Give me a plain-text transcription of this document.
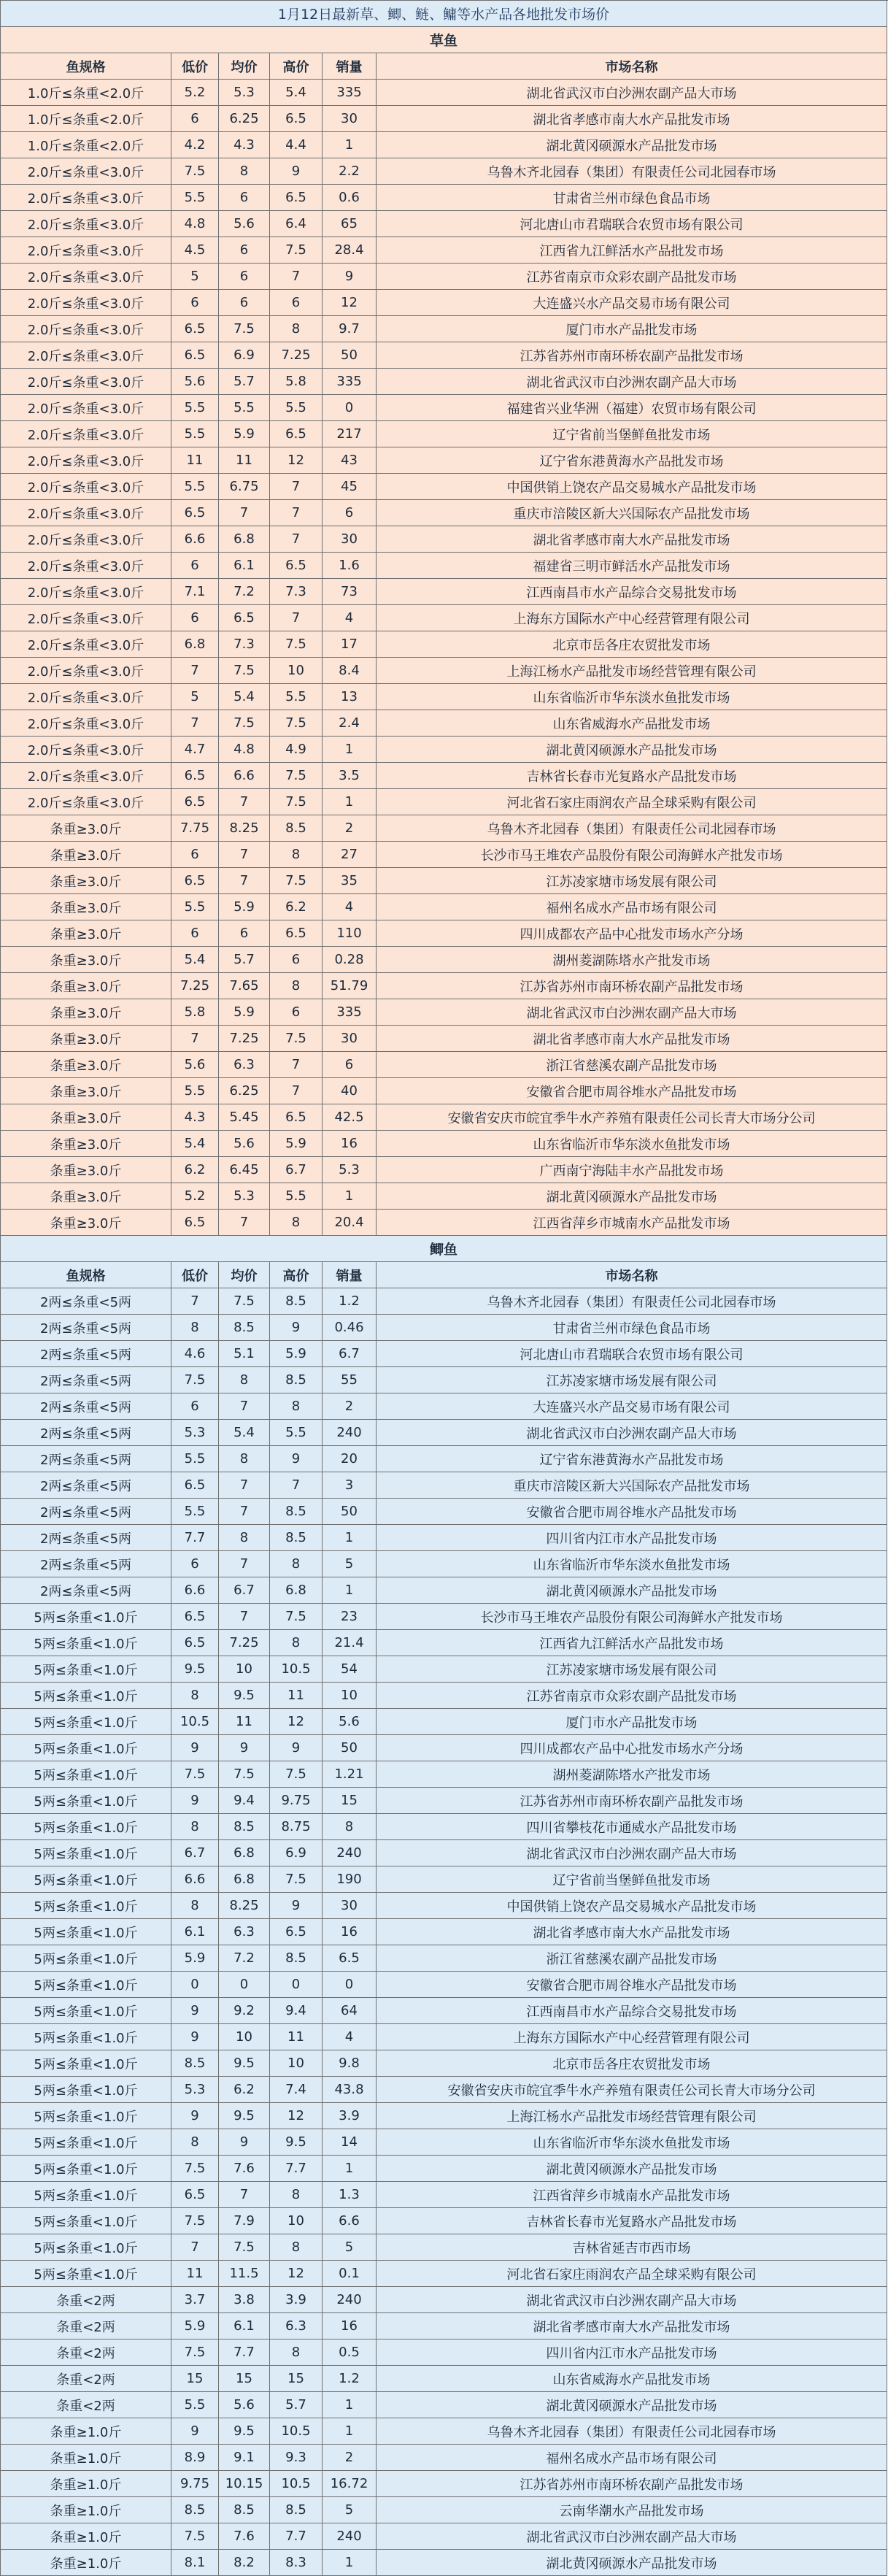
1月12日最新草、鲫、鲢、鳙等水产品各地批发市场价
草鱼
鱼规格	低价	均价	高价	销量	市场名称
1.0斤≤条重<2.0斤	5.2	5.3	5.4	335	湖北省武汉市白沙洲农副产品大市场
1.0斤≤条重<2.0斤	6	6.25	6.5	30	湖北省孝感市南大水产品批发市场
1.0斤≤条重<2.0斤	4.2	4.3	4.4	1	湖北黄冈硕源水产品批发市场
2.0斤≤条重<3.0斤	7.5	8	9	2.2	乌鲁木齐北园春（集团）有限责任公司北园春市场
2.0斤≤条重<3.0斤	5.5	6	6.5	0.6	甘肃省兰州市绿色食品市场
2.0斤≤条重<3.0斤	4.8	5.6	6.4	65	河北唐山市君瑞联合农贸市场有限公司
2.0斤≤条重<3.0斤	4.5	6	7.5	28.4	江西省九江鲜活水产品批发市场
2.0斤≤条重<3.0斤	5	6	7	9	江苏省南京市众彩农副产品批发市场
2.0斤≤条重<3.0斤	6	6	6	12	大连盛兴水产品交易市场有限公司
2.0斤≤条重<3.0斤	6.5	7.5	8	9.7	厦门市水产品批发市场
2.0斤≤条重<3.0斤	6.5	6.9	7.25	50	江苏省苏州市南环桥农副产品批发市场
2.0斤≤条重<3.0斤	5.6	5.7	5.8	335	湖北省武汉市白沙洲农副产品大市场
2.0斤≤条重<3.0斤	5.5	5.5	5.5	0	福建省兴业华洲（福建）农贸市场有限公司
2.0斤≤条重<3.0斤	5.5	5.9	6.5	217	辽宁省前当堡鲜鱼批发市场
2.0斤≤条重<3.0斤	11	11	12	43	辽宁省东港黄海水产品批发市场
2.0斤≤条重<3.0斤	5.5	6.75	7	45	中国供销上饶农产品交易城水产品批发市场
2.0斤≤条重<3.0斤	6.5	7	7	6	重庆市涪陵区新大兴国际农产品批发市场
2.0斤≤条重<3.0斤	6.6	6.8	7	30	湖北省孝感市南大水产品批发市场
2.0斤≤条重<3.0斤	6	6.1	6.5	1.6	福建省三明市鲜活水产品批发市场
2.0斤≤条重<3.0斤	7.1	7.2	7.3	73	江西南昌市水产品综合交易批发市场
2.0斤≤条重<3.0斤	6	6.5	7	4	上海东方国际水产中心经营管理有限公司
2.0斤≤条重<3.0斤	6.8	7.3	7.5	17	北京市岳各庄农贸批发市场
2.0斤≤条重<3.0斤	7	7.5	10	8.4	上海江杨水产品批发市场经营管理有限公司
2.0斤≤条重<3.0斤	5	5.4	5.5	13	山东省临沂市华东淡水鱼批发市场
2.0斤≤条重<3.0斤	7	7.5	7.5	2.4	山东省威海水产品批发市场
2.0斤≤条重<3.0斤	4.7	4.8	4.9	1	湖北黄冈硕源水产品批发市场
2.0斤≤条重<3.0斤	6.5	6.6	7.5	3.5	吉林省长春市光复路水产品批发市场
2.0斤≤条重<3.0斤	6.5	7	7.5	1	河北省石家庄雨润农产品全球采购有限公司
条重≥3.0斤	7.75	8.25	8.5	2	乌鲁木齐北园春（集团）有限责任公司北园春市场
条重≥3.0斤	6	7	8	27	长沙市马王堆农产品股份有限公司海鲜水产批发市场
条重≥3.0斤	6.5	7	7.5	35	江苏凌家塘市场发展有限公司
条重≥3.0斤	5.5	5.9	6.2	4	福州名成水产品市场有限公司
条重≥3.0斤	6	6	6.5	110	四川成都农产品中心批发市场水产分场
条重≥3.0斤	5.4	5.7	6	0.28	湖州菱湖陈塔水产批发市场
条重≥3.0斤	7.25	7.65	8	51.79	江苏省苏州市南环桥农副产品批发市场
条重≥3.0斤	5.8	5.9	6	335	湖北省武汉市白沙洲农副产品大市场
条重≥3.0斤	7	7.25	7.5	30	湖北省孝感市南大水产品批发市场
条重≥3.0斤	5.6	6.3	7	6	浙江省慈溪农副产品批发市场
条重≥3.0斤	5.5	6.25	7	40	安徽省合肥市周谷堆水产品批发市场
条重≥3.0斤	4.3	5.45	6.5	42.5	安徽省安庆市皖宜季牛水产养殖有限责任公司长青大市场分公司
条重≥3.0斤	5.4	5.6	5.9	16	山东省临沂市华东淡水鱼批发市场
条重≥3.0斤	6.2	6.45	6.7	5.3	广西南宁海陆丰水产品批发市场
条重≥3.0斤	5.2	5.3	5.5	1	湖北黄冈硕源水产品批发市场
条重≥3.0斤	6.5	7	8	20.4	江西省萍乡市城南水产品批发市场
鲫鱼
鱼规格	低价	均价	高价	销量	市场名称
2两≤条重<5两	7	7.5	8.5	1.2	乌鲁木齐北园春（集团）有限责任公司北园春市场
2两≤条重<5两	8	8.5	9	0.46	甘肃省兰州市绿色食品市场
2两≤条重<5两	4.6	5.1	5.9	6.7	河北唐山市君瑞联合农贸市场有限公司
2两≤条重<5两	7.5	8	8.5	55	江苏凌家塘市场发展有限公司
2两≤条重<5两	6	7	8	2	大连盛兴水产品交易市场有限公司
2两≤条重<5两	5.3	5.4	5.5	240	湖北省武汉市白沙洲农副产品大市场
2两≤条重<5两	5.5	8	9	20	辽宁省东港黄海水产品批发市场
2两≤条重<5两	6.5	7	7	3	重庆市涪陵区新大兴国际农产品批发市场
2两≤条重<5两	5.5	7	8.5	50	安徽省合肥市周谷堆水产品批发市场
2两≤条重<5两	7.7	8	8.5	1	四川省内江市水产品批发市场
2两≤条重<5两	6	7	8	5	山东省临沂市华东淡水鱼批发市场
2两≤条重<5两	6.6	6.7	6.8	1	湖北黄冈硕源水产品批发市场
5两≤条重<1.0斤	6.5	7	7.5	23	长沙市马王堆农产品股份有限公司海鲜水产批发市场
5两≤条重<1.0斤	6.5	7.25	8	21.4	江西省九江鲜活水产品批发市场
5两≤条重<1.0斤	9.5	10	10.5	54	江苏凌家塘市场发展有限公司
5两≤条重<1.0斤	8	9.5	11	10	江苏省南京市众彩农副产品批发市场
5两≤条重<1.0斤	10.5	11	12	5.6	厦门市水产品批发市场
5两≤条重<1.0斤	9	9	9	50	四川成都农产品中心批发市场水产分场
5两≤条重<1.0斤	7.5	7.5	7.5	1.21	湖州菱湖陈塔水产批发市场
5两≤条重<1.0斤	9	9.4	9.75	15	江苏省苏州市南环桥农副产品批发市场
5两≤条重<1.0斤	8	8.5	8.75	8	四川省攀枝花市通威水产品批发市场
5两≤条重<1.0斤	6.7	6.8	6.9	240	湖北省武汉市白沙洲农副产品大市场
5两≤条重<1.0斤	6.6	6.8	7.5	190	辽宁省前当堡鲜鱼批发市场
5两≤条重<1.0斤	8	8.25	9	30	中国供销上饶农产品交易城水产品批发市场
5两≤条重<1.0斤	6.1	6.3	6.5	16	湖北省孝感市南大水产品批发市场
5两≤条重<1.0斤	5.9	7.2	8.5	6.5	浙江省慈溪农副产品批发市场
5两≤条重<1.0斤	0	0	0	0	安徽省合肥市周谷堆水产品批发市场
5两≤条重<1.0斤	9	9.2	9.4	64	江西南昌市水产品综合交易批发市场
5两≤条重<1.0斤	9	10	11	4	上海东方国际水产中心经营管理有限公司
5两≤条重<1.0斤	8.5	9.5	10	9.8	北京市岳各庄农贸批发市场
5两≤条重<1.0斤	5.3	6.2	7.4	43.8	安徽省安庆市皖宜季牛水产养殖有限责任公司长青大市场分公司
5两≤条重<1.0斤	9	9.5	12	3.9	上海江杨水产品批发市场经营管理有限公司
5两≤条重<1.0斤	8	9	9.5	14	山东省临沂市华东淡水鱼批发市场
5两≤条重<1.0斤	7.5	7.6	7.7	1	湖北黄冈硕源水产品批发市场
5两≤条重<1.0斤	6.5	7	8	1.3	江西省萍乡市城南水产品批发市场
5两≤条重<1.0斤	7.5	7.9	10	6.6	吉林省长春市光复路水产品批发市场
5两≤条重<1.0斤	7	7.5	8	5	吉林省延吉市西市场
5两≤条重<1.0斤	11	11.5	12	0.1	河北省石家庄雨润农产品全球采购有限公司
条重<2两	3.7	3.8	3.9	240	湖北省武汉市白沙洲农副产品大市场
条重<2两	5.9	6.1	6.3	16	湖北省孝感市南大水产品批发市场
条重<2两	7.5	7.7	8	0.5	四川省内江市水产品批发市场
条重<2两	15	15	15	1.2	山东省威海水产品批发市场
条重<2两	5.5	5.6	5.7	1	湖北黄冈硕源水产品批发市场
条重≥1.0斤	9	9.5	10.5	1	乌鲁木齐北园春（集团）有限责任公司北园春市场
条重≥1.0斤	8.9	9.1	9.3	2	福州名成水产品市场有限公司
条重≥1.0斤	9.75	10.15	10.5	16.72	江苏省苏州市南环桥农副产品批发市场
条重≥1.0斤	8.5	8.5	8.5	5	云南华潮水产品批发市场
条重≥1.0斤	7.5	7.6	7.7	240	湖北省武汉市白沙洲农副产品大市场
条重≥1.0斤	8.1	8.2	8.3	1	湖北黄冈硕源水产品批发市场
